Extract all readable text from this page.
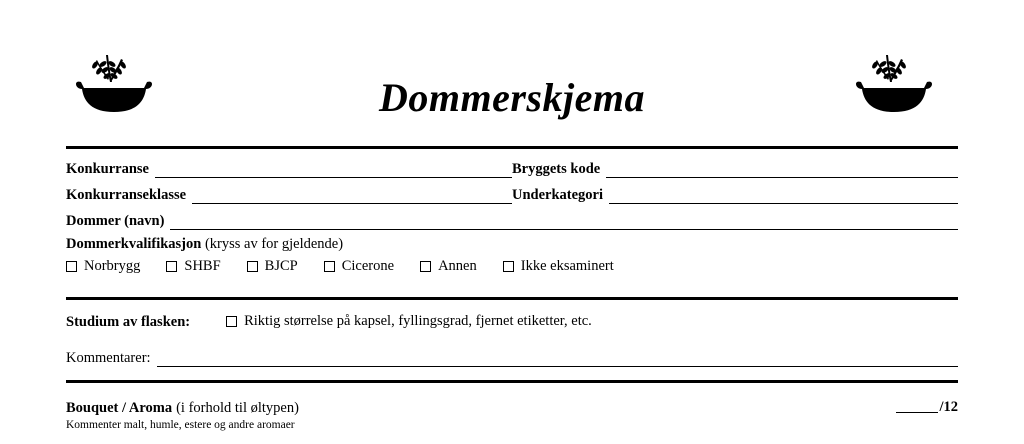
Dommerskjema
Konkurranse	Bryggets kode
Konkurranseklasse	Underkategori
Dommer (navn)
Dommerkvalifikasjon (kryss av for gjeldende)
Norbrygg	SHBF	BJCP	Cicerone	Annen	Ikke eksaminert
Studium av flasken:	Riktig størrelse på kapsel, fyllingsgrad, fjernet etiketter, etc.
Kommentarer:
Bouquet / Aroma (i forhold til øltypen)
Kommenter malt, humle, estere og andre aromaer
/12
